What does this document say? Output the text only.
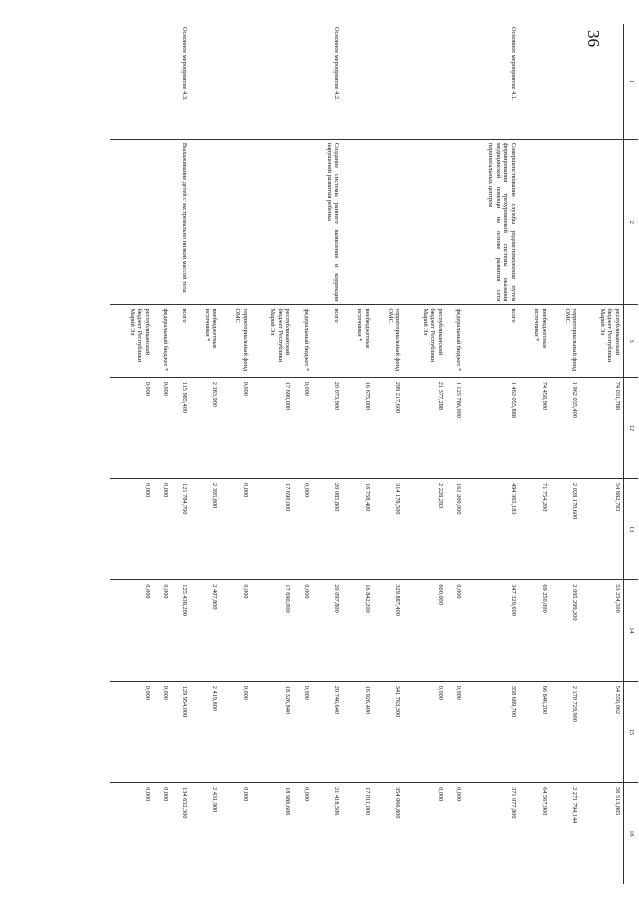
36
1	2	3	12	13	14	15	16
		республиканский бюджет Республики Марий Эл	74 031,788	54 882,783	53 254,500	54 550,062	56 513,865
		территориальный фонд ОМС	1 962 035,400	2 028 170,600	2 095 299,200	2 170 729,900	2 271 794,144
		внебюджетные источники *	74 458,900	71 754,200	69 250,000	66 846,200	64 567,900
Основное мероприятие 4.1.	Совершенствование службы родовспоможения путем формирования трехуровневой системы оказания медицинской помощи на основе развития сети перинатальных центров	всего	1 463 055,888	494 365,183	347 329,600	358 689,700	371 077,800
		федеральный бюджет *	1 125 786,000	161 200,000	0,000	0,000	0,000
		республиканский бюджет Республики Марий Эл	21 377,288	2 228,283	600,000	0,000	0,000
		территориальный фонд ОМС	299 217,600	314 178,500	329 887,400	341 763,300	354 066,800
		внебюджетные источники *	16 675,000	16 758,400	16 842,200	16 926,400	17 011,000
Основное мероприятие 4.2.	Создание системы раннего выявления и коррекции нарушений развития ребенка	всего	20 073,900	20 085,800	20 097,800	20 746,640	21 418,506
		федеральный бюджет *	0,000	0,000	0,000	0,000	0,000
		республиканский бюджет Республики Марий Эл	17 690,000	17 690,000	17 690,000	18 326,840	18 986,606
		территориальный фонд ОМС	0,000	0,000	0,000	0,000	0,000
		внебюджетные источники *	2 383,900	2 395,800	2 407,800	2 419,800	2 431,900
Основное мероприятие 4.3.	Выхаживание детей с экстремально низкой массой тела	всего	115 985,400	121 784,700	125 438,200	129 954,000	134 632,300
		федеральный бюджет *	0,000	0,000	0,000	0,000	0,000
		республиканский бюджет Республики Марий Эл	0,000	0,000	0,000	0,000	0,000
